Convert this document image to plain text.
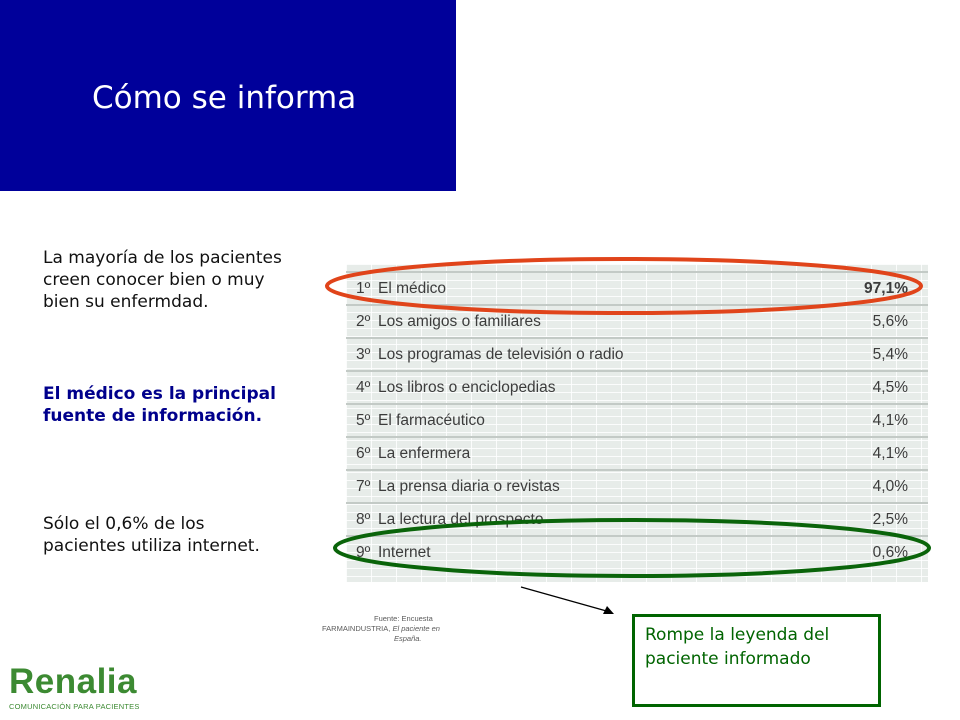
Cómo se informa
La mayoría de los pacientes creen conocer bien o muy bien su enfermdad.
El médico es la principal fuente de información.
Sólo el 0,6% de los pacientes utiliza internet.
1º El médico	97,1%
2º Los amigos o familiares	5,6%
3º Los programas de televisión o radio	5,4%
4º Los libros o enciclopedias	4,5%
5º El farmacéutico	4,1%
6º La enfermera	4,1%
7º La prensa diaria o revistas	4,0%
8º La lectura del prospecto	2,5%
9º Internet	0,6%
Fuente: Encuesta
FARMAINDUSTRIA, El paciente en
España.	Rompe la leyenda del paciente informado
Renalia
COMUNICACIÓN PARA PACIENTES
